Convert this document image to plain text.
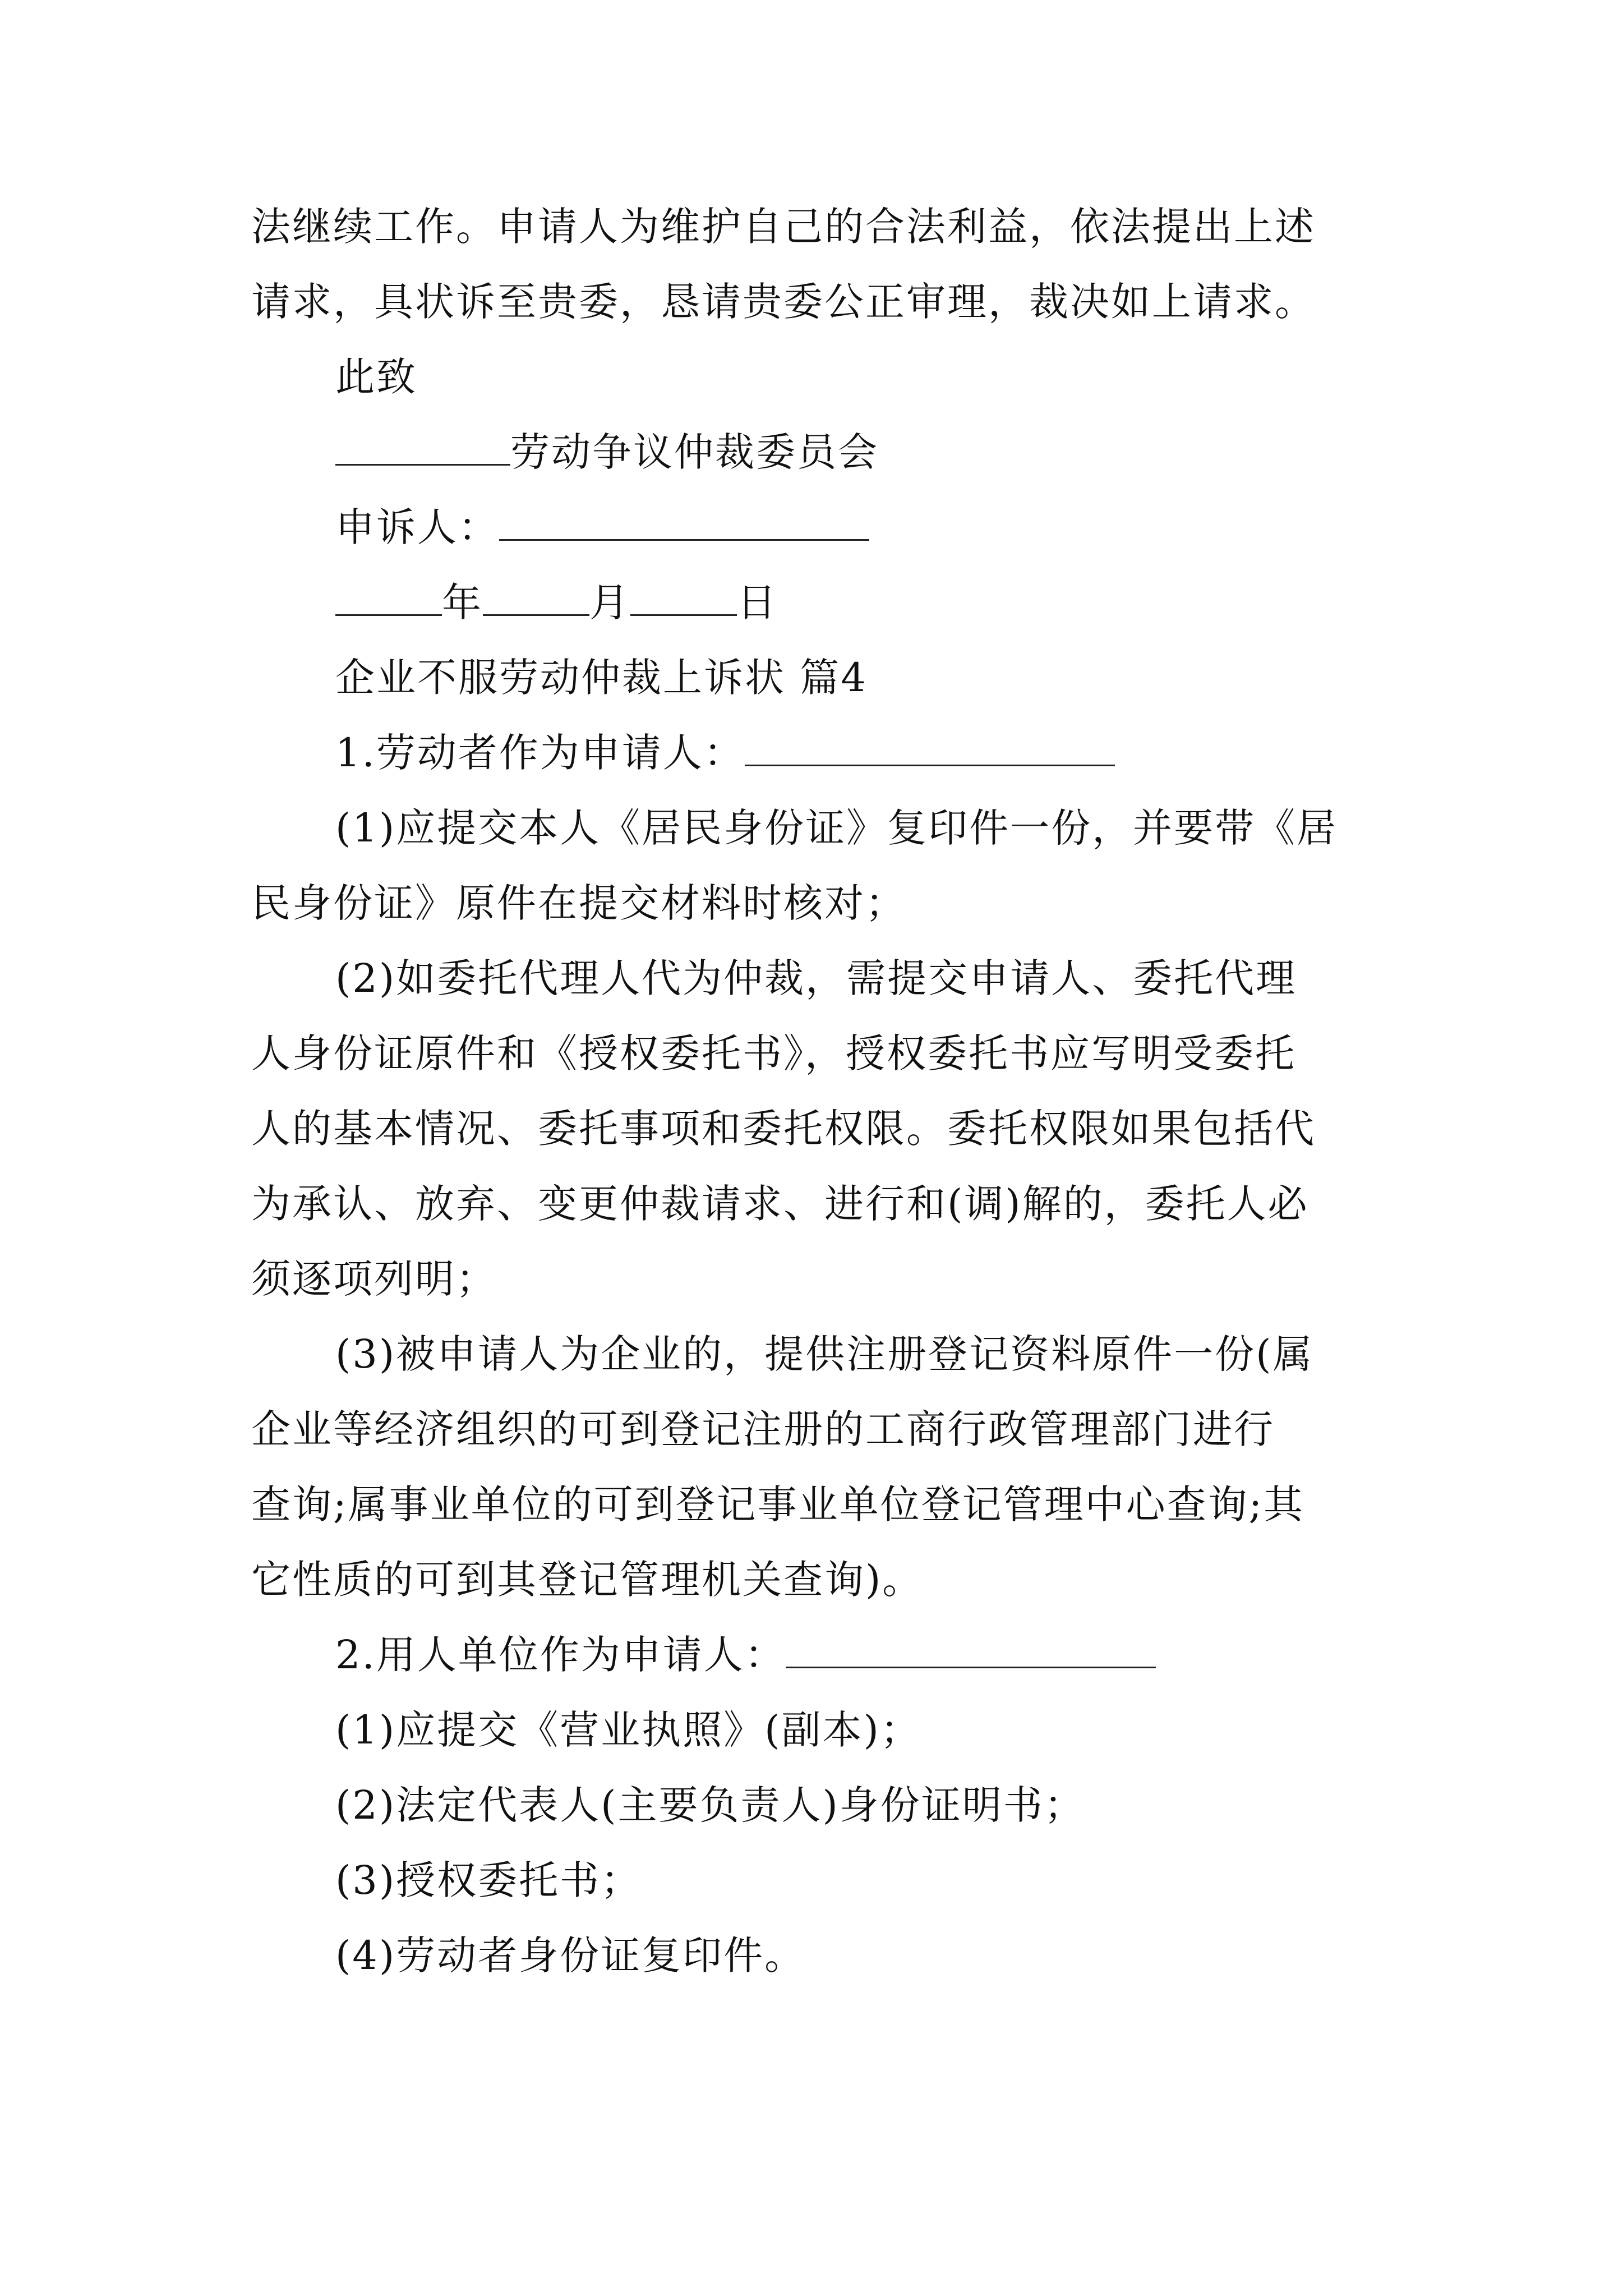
法继续工作。申请人为维护自己的合法利益，依法提出上述
请求，具状诉至贵委，恳请贵委公正审理，裁决如上请求。
此致
劳动争议仲裁委员会
申诉人：
年	月	日
企业不服劳动仲裁上诉状 篇4
1.劳动者作为申请人：
(1)应提交本人《居民身份证》复印件一份，并要带《居
民身份证》原件在提交材料时核对；
(2)如委托代理人代为仲裁，需提交申请人、委托代理
人身份证原件和《授权委托书》，授权委托书应写明受委托
人的基本情况、委托事项和委托权限。委托权限如果包括代
为承认、放弃、变更仲裁请求、进行和(调)解的，委托人必
须逐项列明；
(3)被申请人为企业的，提供注册登记资料原件一份(属
企业等经济组织的可到登记注册的工商行政管理部门进行
查询;属事业单位的可到登记事业单位登记管理中心查询;其
它性质的可到其登记管理机关查询)。
2.用人单位作为申请人：
(1)应提交《营业执照》(副本)；
(2)法定代表人(主要负责人)身份证明书；
(3)授权委托书；
(4)劳动者身份证复印件。
